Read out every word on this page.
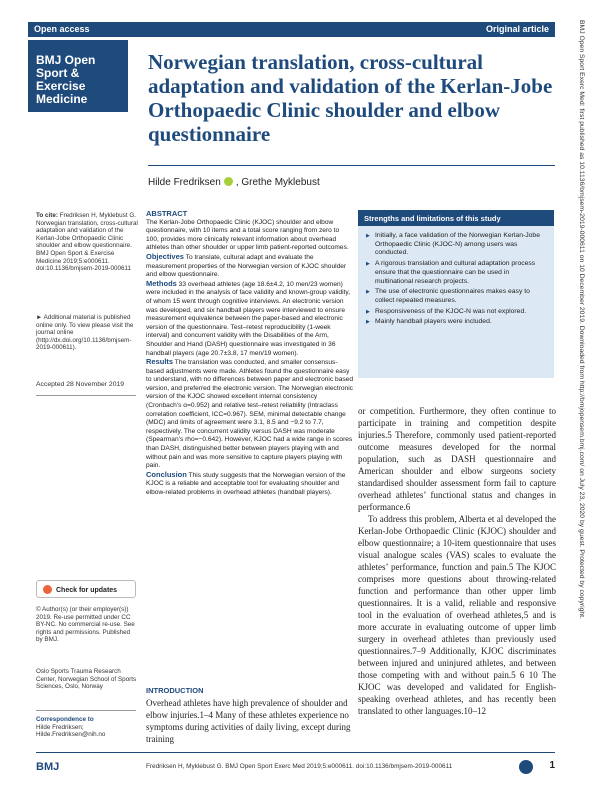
Open access	Original article
BMJ Open
Sport &
Exercise
Medicine
Norwegian translation, cross-cultural adaptation and validation of the Kerlan-Jobe Orthopaedic Clinic shoulder and elbow questionnaire
Hilde Fredriksen , Grethe Myklebust
To cite: Fredriksen H, Myklebust G. Norwegian translation, cross-cultural adaptation and validation of the Kerlan-Jobe Orthopaedic Clinic shoulder and elbow questionnaire. BMJ Open Sport & Exercise Medicine 2019;5:e000611. doi:10.1136/bmjsem-2019-000611
► Additional material is published online only. To view please visit the journal online (http://dx.doi.org/10.1136/bmjsem-2019-000611).
Accepted 28 November 2019
Check for updates
© Author(s) (or their employer(s)) 2019. Re-use permitted under CC BY-NC. No commercial re-use. See rights and permissions. Published by BMJ.
Oslo Sports Trauma Research Center, Norwegian School of Sports Sciences, Oslo, Norway
Correspondence to
Hilde Fredriksen; Hilde.Fredriksen@nih.no
ABSTRACT

The Kerlan-Jobe Orthopaedic Clinic (KJOC) shoulder and elbow questionnaire, with 10 items and a total score ranging from zero to 100, provides more clinically relevant information about overhead athletes than other shoulder or upper limb patient-reported outcomes.

Objectives To translate, cultural adapt and evaluate the measurement properties of the Norwegian version of KJOC shoulder and elbow questionnaire.

Methods 33 overhead athletes (age 18.6±4.2, 10 men/23 women) were included in the analysis of face validity and known-group validity, of whom 15 went through cognitive interviews. An electronic version was developed, and six handball players were interviewed to ensure measurement equivalence between the paper-based and electronic version of the questionnaire. Test–retest reproducibility (1-week interval) and concurrent validity with the Disabilities of the Arm, Shoulder and Hand (DASH) questionnaire was investigated in 36 handball players (age 20.7±3.8, 17 men/19 women).

Results The translation was conducted, and smaller consensus-based adjustments were made. Athletes found the questionnaire easy to understand, with no differences between paper and electronic based version, and preferred the electronic version. The Norwegian electronic version of the KJOC showed excellent internal consistency (Cronbach’s α=0.952) and relative test–retest reliability (Intraclass correlation coefficient, ICC=0.967). SEM, minimal detectable change (MDC) and limits of agreement were 3.1, 8.5 and −9.2 to 7.7, respectively. The concurrent validity versus DASH was moderate (Spearman’s rho=−0.642). However, KJOC had a wide range in scores than DASH, distinguished better between players playing with and without pain and was more sensitive to capture players playing with pain.

Conclusion This study suggests that the Norwegian version of the KJOC is a reliable and acceptable tool for evaluating shoulder and elbow-related problems in overhead athletes (handball players).

INTRODUCTION
Overhead athletes have high prevalence of shoulder and elbow injuries.1–4 Many of these athletes experience no symptoms during activities of daily living, except during training
Strengths and limitations of this study
▶ Initially, a face validation of the Norwegian Kerlan-Jobe Orthopaedic Clinic (KJOC-N) among users was conducted.
▶ A rigorous translation and cultural adaptation process ensure that the questionnaire can be used in multinational research projects.
▶ The use of electronic questionnaires makes easy to collect repeated measures.
▶ Responsiveness of the KJOC-N was not explored.
▶ Mainly handball players were included.

or competition. Furthermore, they often continue to participate in training and competition despite injuries.5 Therefore, commonly used patient-reported outcome measures developed for the normal population, such as DASH questionnaire and American shoulder and elbow surgeons society standardised shoulder assessment form fail to capture overhead athletes’ functional status and changes in performance.6

To address this problem, Alberta et al developed the Kerlan-Jobe Orthopaedic Clinic (KJOC) shoulder and elbow questionnaire; a 10-item questionnaire that uses visual analogue scales (VAS) scales to evaluate the athletes’ performance, function and pain.5 The KJOC comprises more questions about throwing-related function and performance than other upper limb questionnaires. It is a valid, reliable and responsive tool in the evaluation of overhead athletes,5 and is more accurate in evaluating outcome of upper limb surgery in overhead athletes than previously used questionnaires.7–9 Additionally, KJOC discriminates between injured and uninjured athletes, and between those competing with and without pain.5 6 10 The KJOC was developed and validated for English-speaking overhead athletes, and has recently been translated to other languages.10–12

BMJ Open Sport Exerc Med: first published as 10.1136/bmjsem-2019-000611 on 10 December 2019. Downloaded from http://bmjopensem.bmj.com/ on July 23, 2020 by guest. Protected by copyright.
BMJ	Fredriksen H, Myklebust G. BMJ Open Sport Exerc Med 2019;5:e000611. doi:10.1136/bmjsem-2019-000611	1
